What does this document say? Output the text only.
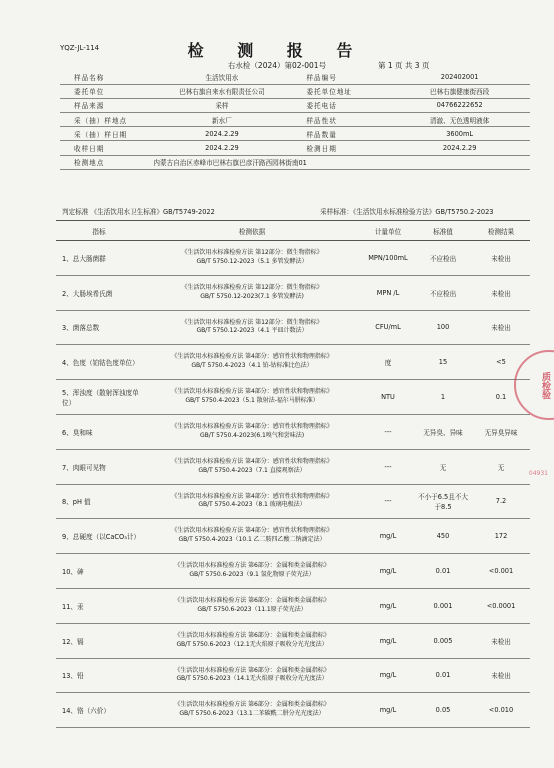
YQZ-JL-114	检 测 报 告
右水检（2024）第02-001号	第 1 页 共 3 页
样品名称	生活饮用水	样品编号	202402001
委托单位	巴林右旗自来水有限责任公司	委托单位地址	巴林右旗健康街西段
样品来源	采样	委托电话	04766222652
采（抽）样地点	新水厂	样品性状	清澈、无色透明液体
采（抽）样日期	2024.2.29	样品数量	3600mL
收样日期	2024.2.29	检测日期	2024.2.29
检测地点	内蒙古自治区赤峰市巴林右旗巴彦汗路西园林街南01		
判定标准 《生活饮用水卫生标准》GB/T5749-2022	采样标准：《生活饮用水标准检验方法》GB/T5750.2-2023
指标	检测依据	计量单位	标准值	检测结果
1、总大肠菌群	《生活饮用水标准检验方法 第12部分：微生物指标》
GB/T 5750.12-2023（5.1 多管发酵法）	MPN/100mL	不应检出	未检出
2、大肠埃希氏菌	《生活饮用水标准检验方法 第12部分：微生物指标》
GB/T 5750.12-2023(7.1 多管发酵法)	MPN /L	不应检出	未检出
3、菌落总数	《生活饮用水标准检验方法 第12部分：微生物指标》
GB/T 5750.12-2023（4.1 平皿计数法）	CFU/mL	100	未检出
4、色度（铂钴色度单位）	《生活饮用水标准检验方法 第4部分：感官性状和物理指标》
GB/T 5750.4-2023（4.1 铂-钴标准比色法）	度	15	<5
5、浑浊度（散射浑浊度单位）	《生活饮用水标准检验方法 第4部分：感官性状和物理指标》
GB/T 5750.4-2023（5.1 散射法-福尔马肼标准）	NTU	1	0.1
6、臭和味	《生活饮用水标准检验方法 第4部分：感官性状和物理指标》
GB/T 5750.4-2023(6.1嗅气和尝味法)	---	无异臭、异味	无异臭异味
7、肉眼可见物	《生活饮用水标准检验方法 第4部分：感官性状和物理指标》
GB/T 5750.4-2023（7.1 直接观察法）	---	无	无
8、pH 值	《生活饮用水标准检验方法 第4部分：感官性状和物理指标》
GB/T 5750.4-2023（8.1 玻璃电极法）	---	不小于6.5且不大于8.5	7.2
9、总硬度（以CaCO₃计）	《生活饮用水标准检验方法 第4部分：感官性状和物理指标》
GB/T 5750.4-2023（10.1 乙二胺四乙酸二钠滴定法）	mg/L	450	172
10、砷	《生活饮用水标准检验方法 第6部分：金属和类金属指标》
GB/T 5750.6-2023（9.1 氢化物原子荧光法）	mg/L	0.01	<0.001
11、汞	《生活饮用水标准检验方法 第6部分：金属和类金属指标》
GB/T 5750.6-2023（11.1原子荧光法）	mg/L	0.001	<0.0001
12、镉	《生活饮用水标准检验方法 第6部分：金属和类金属指标》
GB/T 5750.6-2023（12.1无火焰原子吸收分光光度法）	mg/L	0.005	未检出
13、铅	《生活饮用水标准检验方法 第6部分：金属和类金属指标》
GB/T 5750.6-2023（14.1无火焰原子吸收分光光度法）	mg/L	0.01	未检出
14、铬（六价）	《生活饮用水标准检验方法 第6部分：金属和类金属指标》
GB/T 5750.6-2023（13.1二苯碳酰二肼分光光度法）	mg/L	0.05	<0.010
质检验
04931
